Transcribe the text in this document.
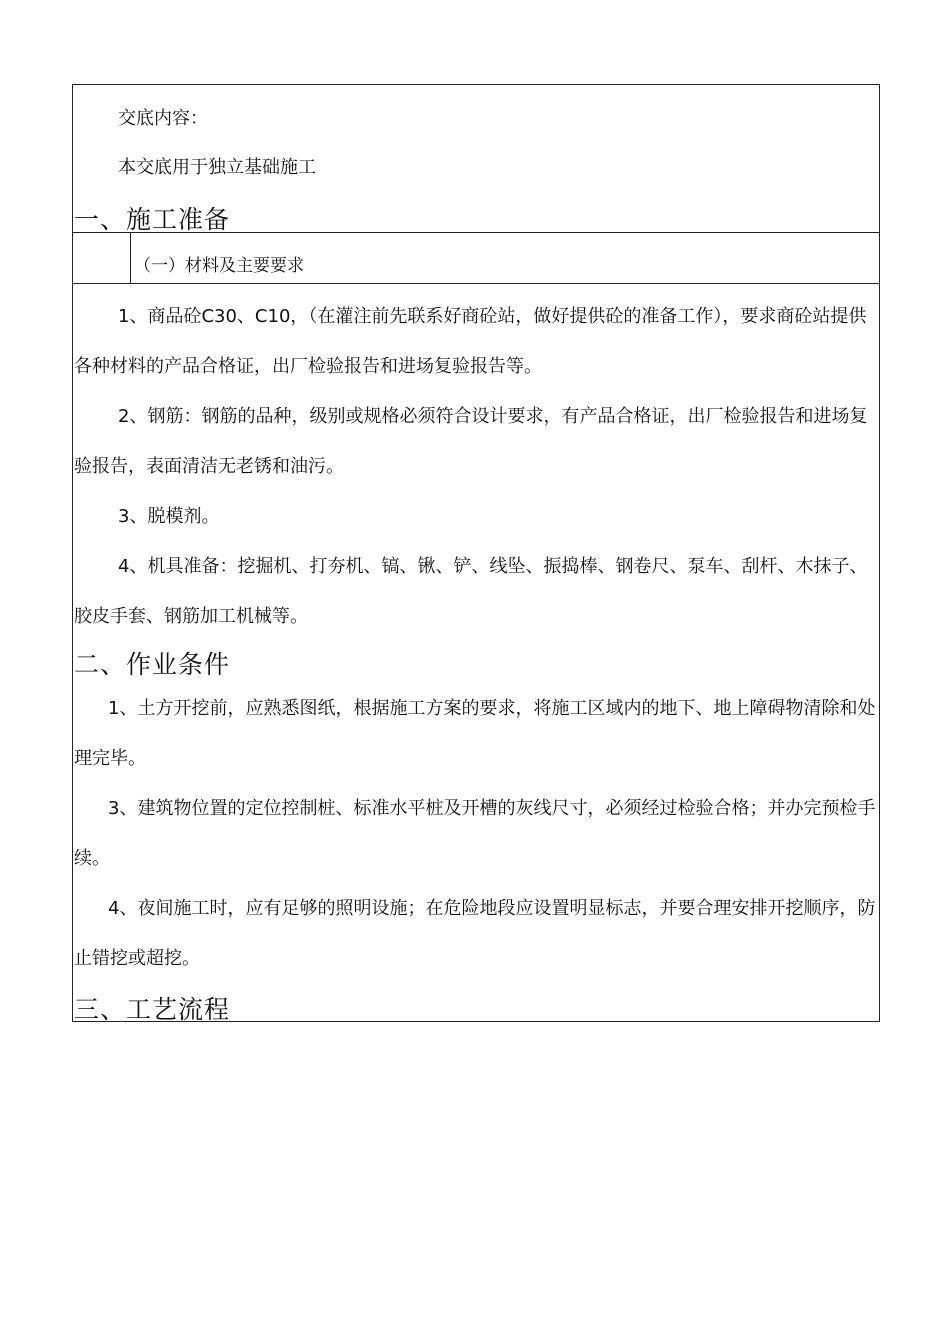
交底内容：
本交底用于独立基础施工
一、施工准备
（一）材料及主要要求

1、商品砼C30、C10，（在灌注前先联系好商砼站，做好提供砼的准备工作），要求商砼站提供各种材料的产品合格证，出厂检验报告和进场复验报告等。

2、钢筋：钢筋的品种，级别或规格必须符合设计要求，有产品合格证，出厂检验报告和进场复验报告，表面清洁无老锈和油污。

3、脱模剂。

4、机具准备：挖掘机、打夯机、镐、锹、铲、线坠、振捣棒、钢卷尺、泵车、刮杆、木抹子、胶皮手套、钢筋加工机械等。

二、作业条件

1、土方开挖前，应熟悉图纸，根据施工方案的要求，将施工区域内的地下、地上障碍物清除和处理完毕。

3、建筑物位置的定位控制桩、标准水平桩及开槽的灰线尺寸，必须经过检验合格；并办完预检手续。

4、夜间施工时，应有足够的照明设施；在危险地段应设置明显标志，并要合理安排开挖顺序，防止错挖或超挖。

三、工艺流程
